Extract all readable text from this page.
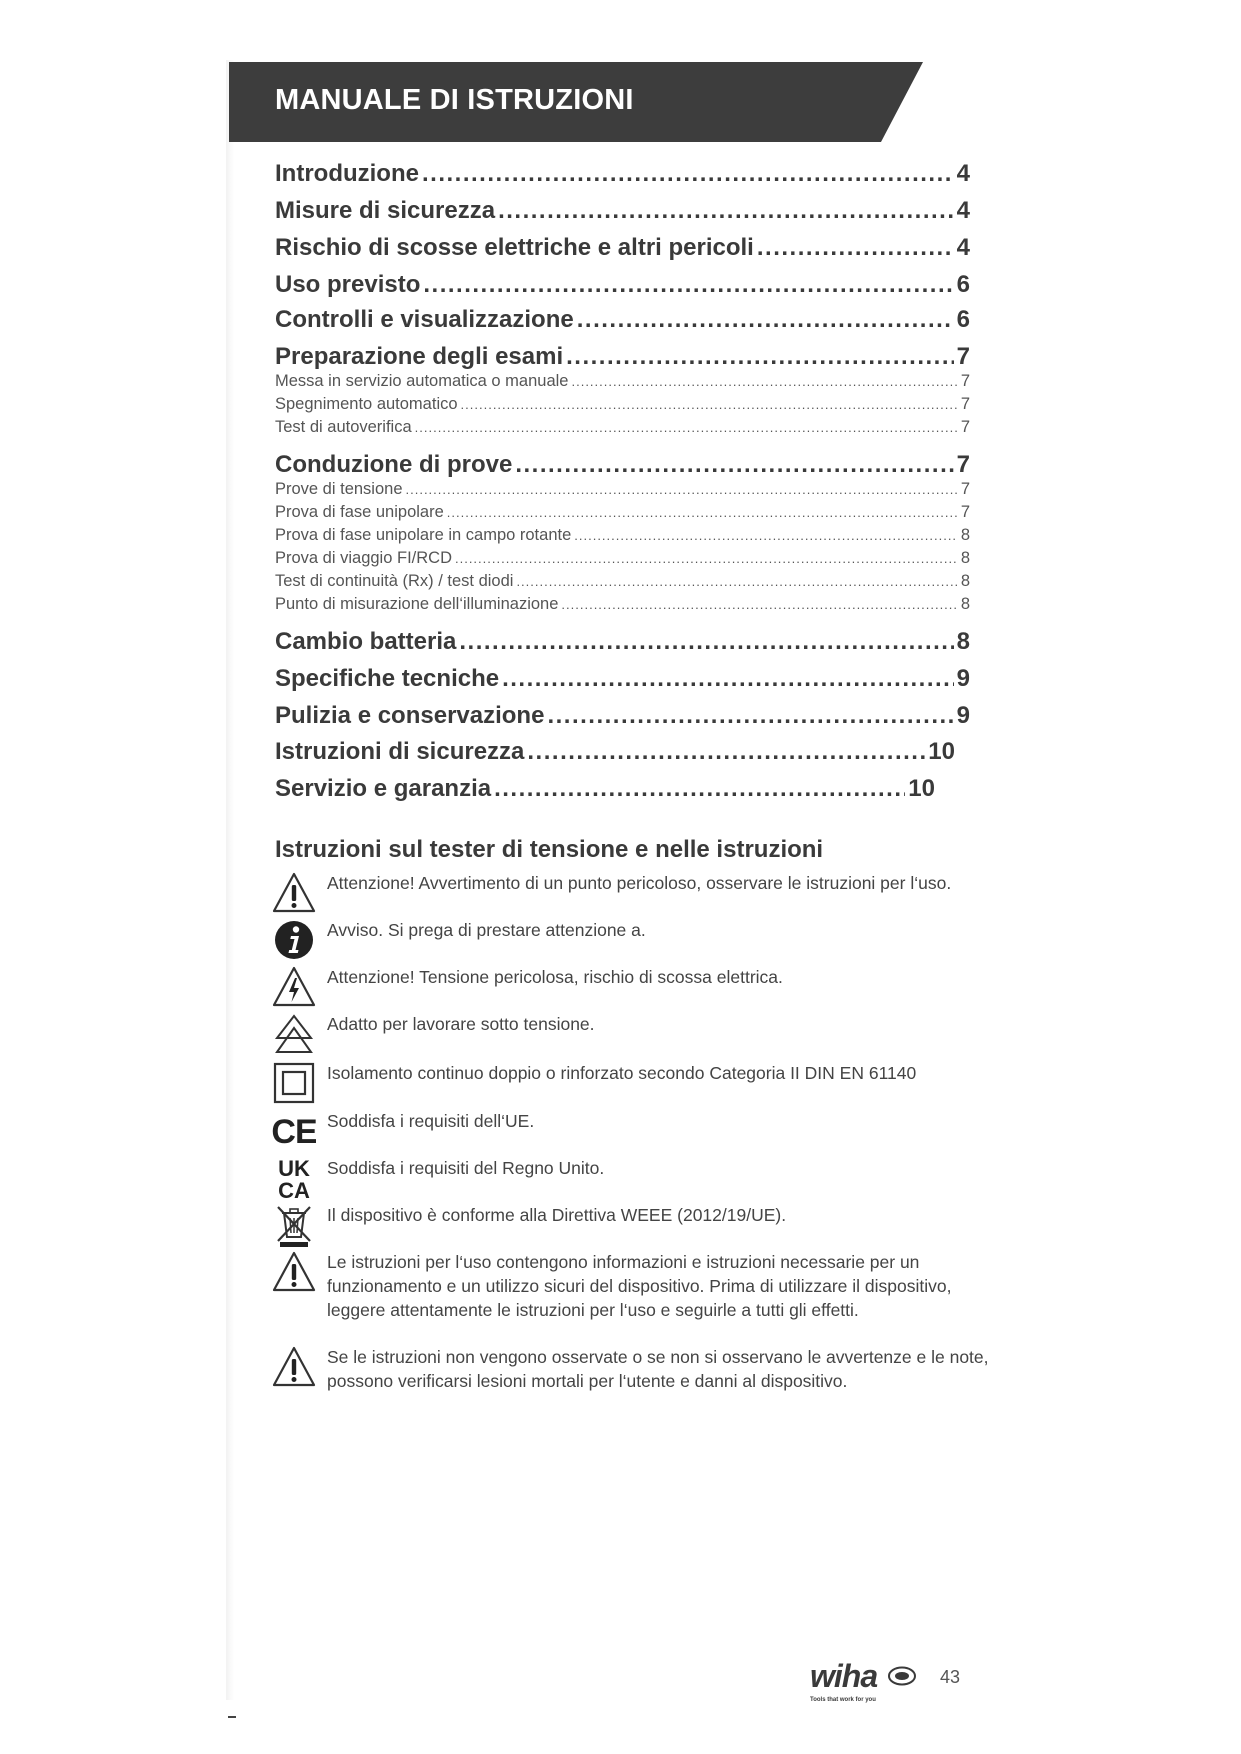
MANUALE DI ISTRUZIONI
Introduzione .....	4
Misure di sicurezza .....	4
Rischio di scosse elettriche e altri pericoli .....	4
Uso previsto .....	6
Controlli e visualizzazione .....	6
Preparazione degli esami .....	7
Messa in servizio automatica o manuale .....	7
Spegnimento automatico .....	7
Test di autoverifica .....	7
Conduzione di prove .....	7
Prove di tensione .....	7
Prova di fase unipolare .....	7
Prova di fase unipolare in campo rotante .....	8
Prova di viaggio FI/RCD .....	8
Test di continuità (Rx) / test diodi .....	8
Punto di misurazione dell‘illuminazione .....	8
Cambio batteria .....	8
Specifiche tecniche .....	9
Pulizia e conservazione .....	9
Istruzioni di sicurezza .....	10
Servizio e garanzia .....	10
Istruzioni sul tester di tensione e nelle istruzioni
Attenzione! Avvertimento di un punto pericoloso, osservare le istruzioni per l‘uso.
Avviso. Si prega di prestare attenzione a.
Attenzione! Tensione pericolosa, rischio di scossa elettrica.
Adatto per lavorare sotto tensione.
Isolamento continuo doppio o rinforzato secondo Categoria II DIN EN 61140
CE Soddisfa i requisiti dell‘UE.
UK
CA
Soddisfa i requisiti del Regno Unito.
Il dispositivo è conforme alla Direttiva WEEE (2012/19/UE).
Le istruzioni per l‘uso contengono informazioni e istruzioni necessarie per un funzionamento e un utilizzo sicuri del dispositivo. Prima di utilizzare il dispositivo, leggere attentamente le istruzioni per l‘uso e seguirle a tutti gli effetti.
Se le istruzioni non vengono osservate o se non si osservano le avvertenze e le note, possono verificarsi lesioni mortali per l‘utente e danni al dispositivo.
wiha
Tools that work for you
43
